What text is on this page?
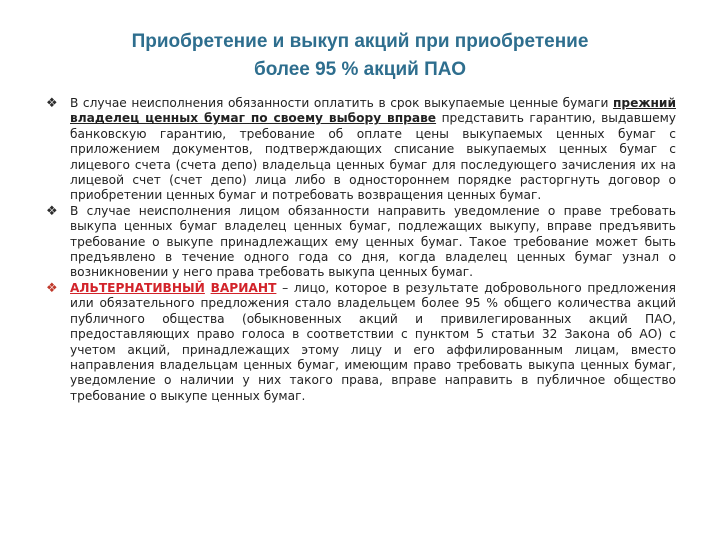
Приобретение и выкуп акций при приобретение
более 95 % акций ПАО
❖ В случае неисполнения обязанности оплатить в срок выкупаемые ценные бумаги прежний владелец ценных бумаг по своему выбору вправе представить гарантию, выдавшему банковскую гарантию, требование об оплате цены выкупаемых ценных бумаг с приложением документов, подтверждающих списание выкупаемых ценных бумаг с лицевого счета (счета депо) владельца ценных бумаг для последующего зачисления их на лицевой счет (счет депо) лица либо в одностороннем порядке расторгнуть договор о приобретении ценных бумаг и потребовать возвращения ценных бумаг.
❖ В случае неисполнения лицом обязанности направить уведомление о праве требовать выкупа ценных бумаг владелец ценных бумаг, подлежащих выкупу, вправе предъявить требование о выкупе принадлежащих ему ценных бумаг. Такое требование может быть предъявлено в течение одного года со дня, когда владелец ценных бумаг узнал о возникновении у него права требовать выкупа ценных бумаг.
❖ АЛЬТЕРНАТИВНЫЙ ВАРИАНТ – лицо, которое в результате добровольного предложения или обязательного предложения стало владельцем более 95 % общего количества акций публичного общества (обыкновенных акций и привилегированных акций ПАО, предоставляющих право голоса в соответствии с пунктом 5 статьи 32 Закона об АО) с учетом акций, принадлежащих этому лицу и его аффилированным лицам, вместо направления владельцам ценных бумаг, имеющим право требовать выкупа ценных бумаг, уведомление о наличии у них такого права, вправе направить в публичное общество требование о выкупе ценных бумаг.
